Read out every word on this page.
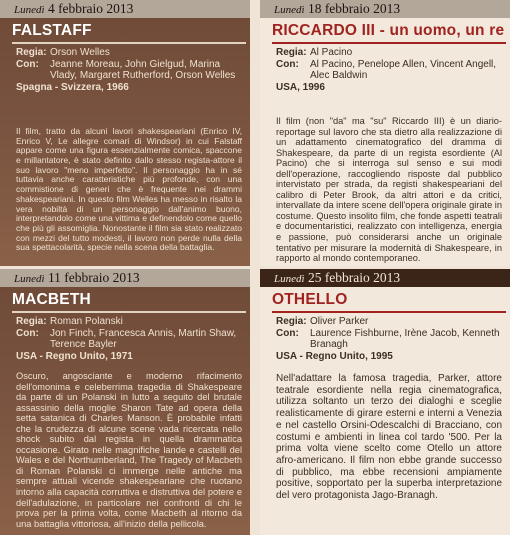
Lunedì 4 febbraio 2013
FALSTAFF
Regia: Orson Welles
Con:	Jeanne Moreau, John Gielgud, Marina Vlady, Margaret Rutherford, Orson Welles
Spagna - Svizzera, 1966

Il film, tratto da alcuni lavori shakespeariani (Enrico IV, Enrico V, Le allegre comari di Windsor) in cui Falstaff appare come una figura essenzialmente comica, spaccone e millantatore, è stato definito dallo stesso regista-attore il suo lavoro "meno imperfetto". Il personaggio ha in sé tuttavia anche caratteristiche più profonde, con una commistione di generi che è frequente nei drammi shakespeariani. In questo film Welles ha messo in risalto la vera nobiltà di un personaggio dall'animo buono, interpretandolo come una vittima e definendolo come quello che più gli assomiglia. Nonostante il film sia stato realizzato con mezzi del tutto modesti, il lavoro non perde nulla della sua spettacolarità, specie nella scena della battaglia.

Lunedì 18 febbraio 2013
RICCARDO III - un uomo, un re
Regia: Al Pacino
Con:	Al Pacino, Penelope Allen, Vincent Angell, Alec Baldwin
USA, 1996

Il film (non "da" ma "su" Riccardo III) è un diario-reportage sul lavoro che sta dietro alla realizzazione di un adattamento cinematografico del dramma di Shakespeare, da parte di un regista esordiente (Al Pacino) che si interroga sul senso e sui modi dell'operazione, raccogliendo risposte dal pubblico intervistato per strada, da registi shakespeariani del calibro di Peter Brook, da altri attori e da critici, intervallate da intere scene dell'opera originale girate in costume. Questo insolito film, che fonde aspetti teatrali e documentaristici, realizzato con intelligenza, energia e passione, può considerarsi anche un originale tentativo per misurare la modernità di Shakespeare, in rapporto al mondo contemporaneo.

Lunedì 11 febbraio 2013
MACBETH
Regia: Roman Polanski
Con:	Jon Finch, Francesca Annis, Martin Shaw, Terence Bayler
USA - Regno Unito, 1971

Oscuro, angosciante e moderno rifacimento dell'omonima e celeberrima tragedia di Shakespeare da parte di un Polanski in lutto a seguito del brutale assassinio della moglie Sharon Tate ad opera della setta satanica di Charles Manson. È probabile infatti che la crudezza di alcune scene vada ricercata nello shock subito dal regista in quella drammatica occasione. Girato nelle magnifiche lande e castelli del Wales e del Northumberland, The Tragedy of Macbeth di Roman Polanski ci immerge nelle antiche ma sempre attuali vicende shakespeariane che ruotano intorno alla capacità corruttiva e distruttiva del potere e dell'adulazione, in particolare nei confronti di chi le prova per la prima volta, come Macbeth al ritorno da una battaglia vittoriosa, all'inizio della pellicola.

Lunedì 25 febbraio 2013
OTHELLO
Regia: Oliver Parker
Con:	Laurence Fishburne, Irène Jacob, Kenneth Branagh
USA - Regno Unito, 1995

Nell'adattare la famosa tragedia, Parker, attore teatrale esordiente nella regia cinematografica, utilizza soltanto un terzo dei dialoghi e sceglie realisticamente di girare esterni e interni a Venezia e nel castello Orsini-Odescalchi di Bracciano, con costumi e ambienti in linea col tardo '500. Per la prima volta viene scelto come Otello un attore afro-americano. Il film non ebbe grande successo di pubblico, ma ebbe recensioni ampiamente positive, sopportato per la superba interpretazione del vero protagonista Jago-Branagh.
